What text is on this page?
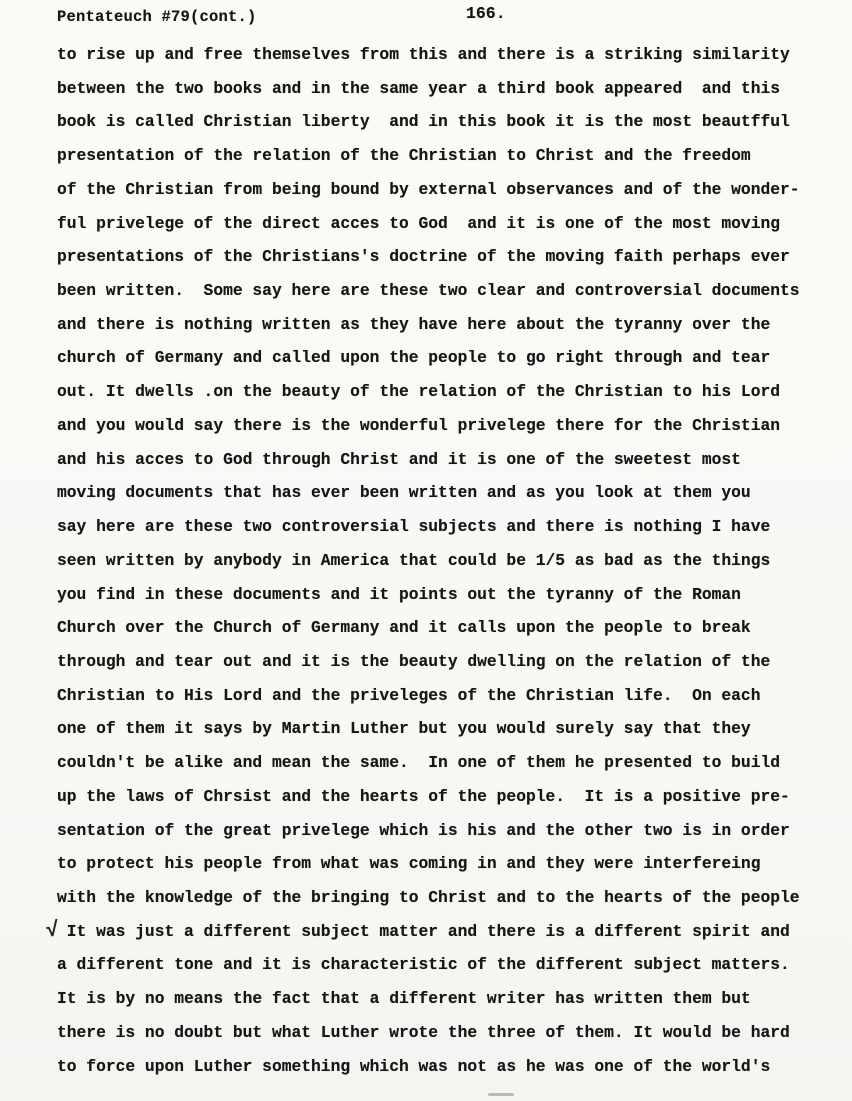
Pentateuch #79(cont.)	166.
√
to rise up and free themselves from this and there is a striking similarity
between the two books and in the same year a third book appeared  and this
book is called Christian liberty  and in this book it is the most beautfful
presentation of the relation of the Christian to Christ and the freedom
of the Christian from being bound by external observances and of the wonder-
ful privelege of the direct acces to God  and it is one of the most moving
presentations of the Christians's doctrine of the moving faith perhaps ever
been written.  Some say here are these two clear and controversial documents
and there is nothing written as they have here about the tyranny over the
church of Germany and called upon the people to go right through and tear
out. It dwells .on the beauty of the relation of the Christian to his Lord
and you would say there is the wonderful privelege there for the Christian
and his acces to God through Christ and it is one of the sweetest most
moving documents that has ever been written and as you look at them you
say here are these two controversial subjects and there is nothing I have
seen written by anybody in America that could be 1/5 as bad as the things
you find in these documents and it points out the tyranny of the Roman
Church over the Church of Germany and it calls upon the people to break
through and tear out and it is the beauty dwelling on the relation of the
Christian to His Lord and the priveleges of the Christian life.  On each
one of them it says by Martin Luther but you would surely say that they
couldn't be alike and mean the same.  In one of them he presented to build
up the laws of Chrsist and the hearts of the people.  It is a positive pre-
sentation of the great privelege which is his and the other two is in order
to protect his people from what was coming in and they were interfereing
with the knowledge of the bringing to Christ and to the hearts of the people
It was just a different subject matter and there is a different spirit and
a different tone and it is characteristic of the different subject matters.
It is by no means the fact that a different writer has written them but
there is no doubt but what Luther wrote the three of them. It would be hard
to force upon Luther something which was not as he was one of the world's
